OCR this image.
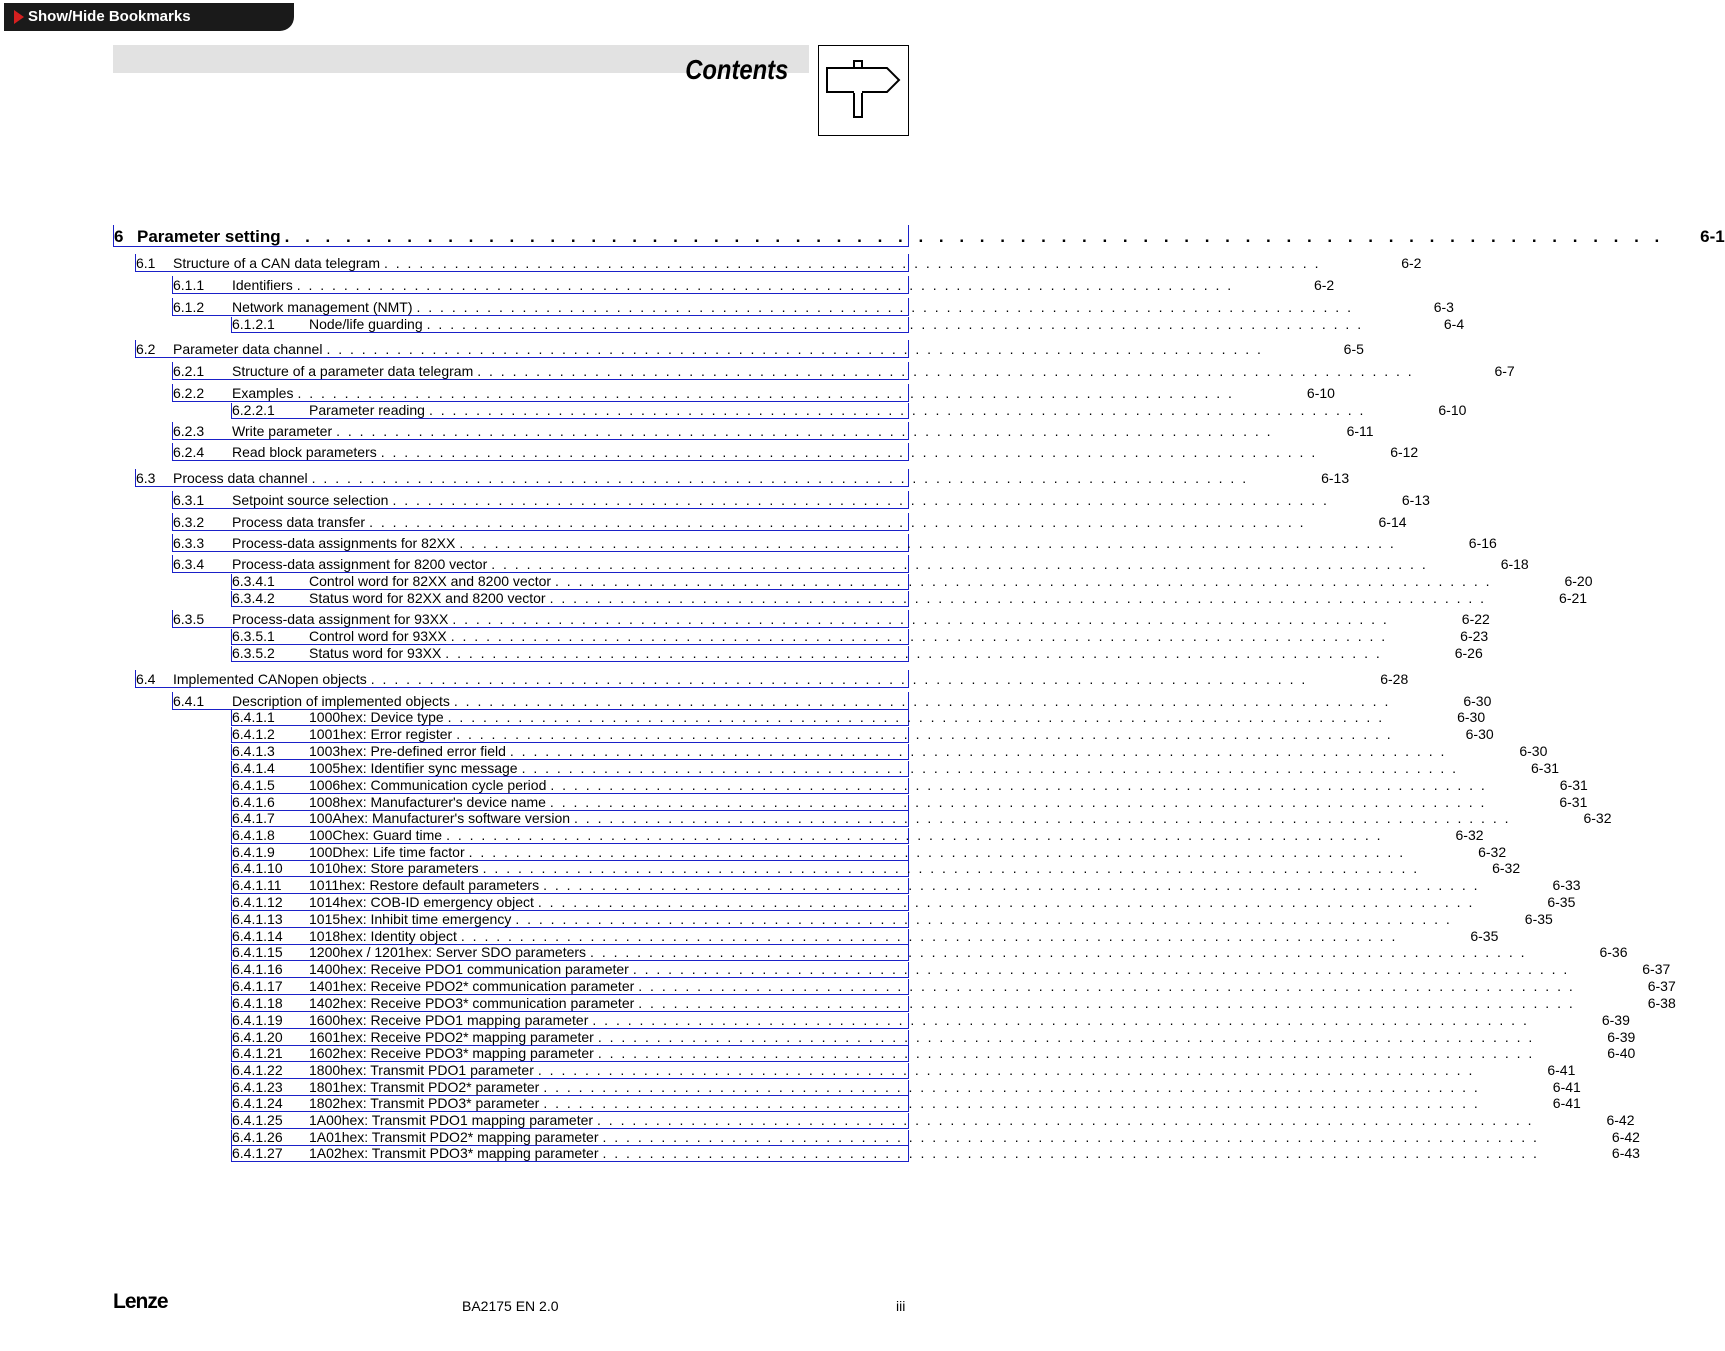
Show/Hide Bookmarks
Contents
6 Parameter setting . . . . . . . . . . . . . . . . . . . . . . . . . . . . . . . . . . . . . . . . . . . . . . . . . . . . . . . . . . . . . . . . . . . .	6-1
6.1	Structure of a CAN data telegram . . . . . . . . . . . . . . . . . . . . . . . . . . . . . . . . . . . . . . . . . . . . . . . . . . . . . . . . . . . . . . . . . . . . . . . . . . . . . . . .	6-2
6.1.1	Identifiers . . . . . . . . . . . . . . . . . . . . . . . . . . . . . . . . . . . . . . . . . . . . . . . . . . . . . . . . . . . . . . . . . . . . . . . . . . . . . . . .	6-2
6.1.2	Network management (NMT) . . . . . . . . . . . . . . . . . . . . . . . . . . . . . . . . . . . . . . . . . . . . . . . . . . . . . . . . . . . . . . . . . . . . . . . . . . . . . . . .	6-3
6.1.2.1	Node/life guarding . . . . . . . . . . . . . . . . . . . . . . . . . . . . . . . . . . . . . . . . . . . . . . . . . . . . . . . . . . . . . . . . . . . . . . . . . . . . . . . .	6-4
6.2	Parameter data channel . . . . . . . . . . . . . . . . . . . . . . . . . . . . . . . . . . . . . . . . . . . . . . . . . . . . . . . . . . . . . . . . . . . . . . . . . . . . . . . .	6-5
6.2.1	Structure of a parameter data telegram . . . . . . . . . . . . . . . . . . . . . . . . . . . . . . . . . . . . . . . . . . . . . . . . . . . . . . . . . . . . . . . . . . . . . . . . . . . . . . . .	6-7
6.2.2	Examples . . . . . . . . . . . . . . . . . . . . . . . . . . . . . . . . . . . . . . . . . . . . . . . . . . . . . . . . . . . . . . . . . . . . . . . . . . . . . . . .	6-10
6.2.2.1	Parameter reading . . . . . . . . . . . . . . . . . . . . . . . . . . . . . . . . . . . . . . . . . . . . . . . . . . . . . . . . . . . . . . . . . . . . . . . . . . . . . . . .	6-10
6.2.3	Write parameter . . . . . . . . . . . . . . . . . . . . . . . . . . . . . . . . . . . . . . . . . . . . . . . . . . . . . . . . . . . . . . . . . . . . . . . . . . . . . . . .	6-11
6.2.4	Read block parameters . . . . . . . . . . . . . . . . . . . . . . . . . . . . . . . . . . . . . . . . . . . . . . . . . . . . . . . . . . . . . . . . . . . . . . . . . . . . . . . .	6-12
6.3	Process data channel . . . . . . . . . . . . . . . . . . . . . . . . . . . . . . . . . . . . . . . . . . . . . . . . . . . . . . . . . . . . . . . . . . . . . . . . . . . . . . . .	6-13
6.3.1	Setpoint source selection . . . . . . . . . . . . . . . . . . . . . . . . . . . . . . . . . . . . . . . . . . . . . . . . . . . . . . . . . . . . . . . . . . . . . . . . . . . . . . . .	6-13
6.3.2	Process data transfer . . . . . . . . . . . . . . . . . . . . . . . . . . . . . . . . . . . . . . . . . . . . . . . . . . . . . . . . . . . . . . . . . . . . . . . . . . . . . . . .	6-14
6.3.3	Process-data assignments for 82XX . . . . . . . . . . . . . . . . . . . . . . . . . . . . . . . . . . . . . . . . . . . . . . . . . . . . . . . . . . . . . . . . . . . . . . . . . . . . . . . .	6-16
6.3.4	Process-data assignment for 8200 vector . . . . . . . . . . . . . . . . . . . . . . . . . . . . . . . . . . . . . . . . . . . . . . . . . . . . . . . . . . . . . . . . . . . . . . . . . . . . . . . .	6-18
6.3.4.1	Control word for 82XX and 8200 vector . . . . . . . . . . . . . . . . . . . . . . . . . . . . . . . . . . . . . . . . . . . . . . . . . . . . . . . . . . . . . . . . . . . . . . . . . . . . . . . .	6-20
6.3.4.2	Status word for 82XX and 8200 vector . . . . . . . . . . . . . . . . . . . . . . . . . . . . . . . . . . . . . . . . . . . . . . . . . . . . . . . . . . . . . . . . . . . . . . . . . . . . . . . .	6-21
6.3.5	Process-data assignment for 93XX . . . . . . . . . . . . . . . . . . . . . . . . . . . . . . . . . . . . . . . . . . . . . . . . . . . . . . . . . . . . . . . . . . . . . . . . . . . . . . . .	6-22
6.3.5.1	Control word for 93XX . . . . . . . . . . . . . . . . . . . . . . . . . . . . . . . . . . . . . . . . . . . . . . . . . . . . . . . . . . . . . . . . . . . . . . . . . . . . . . . .	6-23
6.3.5.2	Status word for 93XX . . . . . . . . . . . . . . . . . . . . . . . . . . . . . . . . . . . . . . . . . . . . . . . . . . . . . . . . . . . . . . . . . . . . . . . . . . . . . . . .	6-26
6.4	Implemented CANopen objects . . . . . . . . . . . . . . . . . . . . . . . . . . . . . . . . . . . . . . . . . . . . . . . . . . . . . . . . . . . . . . . . . . . . . . . . . . . . . . . .	6-28
6.4.1	Description of implemented objects . . . . . . . . . . . . . . . . . . . . . . . . . . . . . . . . . . . . . . . . . . . . . . . . . . . . . . . . . . . . . . . . . . . . . . . . . . . . . . . .	6-30
6.4.1.1	1000hex: Device type . . . . . . . . . . . . . . . . . . . . . . . . . . . . . . . . . . . . . . . . . . . . . . . . . . . . . . . . . . . . . . . . . . . . . . . . . . . . . . . .	6-30
6.4.1.2	1001hex: Error register . . . . . . . . . . . . . . . . . . . . . . . . . . . . . . . . . . . . . . . . . . . . . . . . . . . . . . . . . . . . . . . . . . . . . . . . . . . . . . . .	6-30
6.4.1.3	1003hex: Pre-defined error field . . . . . . . . . . . . . . . . . . . . . . . . . . . . . . . . . . . . . . . . . . . . . . . . . . . . . . . . . . . . . . . . . . . . . . . . . . . . . . . .	6-30
6.4.1.4	1005hex: Identifier sync message . . . . . . . . . . . . . . . . . . . . . . . . . . . . . . . . . . . . . . . . . . . . . . . . . . . . . . . . . . . . . . . . . . . . . . . . . . . . . . . .	6-31
6.4.1.5	1006hex: Communication cycle period . . . . . . . . . . . . . . . . . . . . . . . . . . . . . . . . . . . . . . . . . . . . . . . . . . . . . . . . . . . . . . . . . . . . . . . . . . . . . . . .	6-31
6.4.1.6	1008hex: Manufacturer's device name . . . . . . . . . . . . . . . . . . . . . . . . . . . . . . . . . . . . . . . . . . . . . . . . . . . . . . . . . . . . . . . . . . . . . . . . . . . . . . . .	6-31
6.4.1.7	100Ahex: Manufacturer's software version . . . . . . . . . . . . . . . . . . . . . . . . . . . . . . . . . . . . . . . . . . . . . . . . . . . . . . . . . . . . . . . . . . . . . . . . . . . . . . . .	6-32
6.4.1.8	100Chex: Guard time . . . . . . . . . . . . . . . . . . . . . . . . . . . . . . . . . . . . . . . . . . . . . . . . . . . . . . . . . . . . . . . . . . . . . . . . . . . . . . . .	6-32
6.4.1.9	100Dhex: Life time factor . . . . . . . . . . . . . . . . . . . . . . . . . . . . . . . . . . . . . . . . . . . . . . . . . . . . . . . . . . . . . . . . . . . . . . . . . . . . . . . .	6-32
6.4.1.10	1010hex: Store parameters . . . . . . . . . . . . . . . . . . . . . . . . . . . . . . . . . . . . . . . . . . . . . . . . . . . . . . . . . . . . . . . . . . . . . . . . . . . . . . . .	6-32
6.4.1.11	1011hex: Restore default parameters . . . . . . . . . . . . . . . . . . . . . . . . . . . . . . . . . . . . . . . . . . . . . . . . . . . . . . . . . . . . . . . . . . . . . . . . . . . . . . . .	6-33
6.4.1.12	1014hex: COB-ID emergency object . . . . . . . . . . . . . . . . . . . . . . . . . . . . . . . . . . . . . . . . . . . . . . . . . . . . . . . . . . . . . . . . . . . . . . . . . . . . . . . .	6-35
6.4.1.13	1015hex: Inhibit time emergency . . . . . . . . . . . . . . . . . . . . . . . . . . . . . . . . . . . . . . . . . . . . . . . . . . . . . . . . . . . . . . . . . . . . . . . . . . . . . . . .	6-35
6.4.1.14	1018hex: Identity object . . . . . . . . . . . . . . . . . . . . . . . . . . . . . . . . . . . . . . . . . . . . . . . . . . . . . . . . . . . . . . . . . . . . . . . . . . . . . . . .	6-35
6.4.1.15	1200hex / 1201hex: Server SDO parameters . . . . . . . . . . . . . . . . . . . . . . . . . . . . . . . . . . . . . . . . . . . . . . . . . . . . . . . . . . . . . . . . . . . . . . . . . . . . . . . .	6-36
6.4.1.16	1400hex: Receive PDO1 communication parameter . . . . . . . . . . . . . . . . . . . . . . . . . . . . . . . . . . . . . . . . . . . . . . . . . . . . . . . . . . . . . . . . . . . . . . . . . . . . . . . .	6-37
6.4.1.17	1401hex: Receive PDO2* communication parameter . . . . . . . . . . . . . . . . . . . . . . . . . . . . . . . . . . . . . . . . . . . . . . . . . . . . . . . . . . . . . . . . . . . . . . . . . . . . . . . .	6-37
6.4.1.18	1402hex: Receive PDO3* communication parameter . . . . . . . . . . . . . . . . . . . . . . . . . . . . . . . . . . . . . . . . . . . . . . . . . . . . . . . . . . . . . . . . . . . . . . . . . . . . . . . .	6-38
6.4.1.19	1600hex: Receive PDO1 mapping parameter . . . . . . . . . . . . . . . . . . . . . . . . . . . . . . . . . . . . . . . . . . . . . . . . . . . . . . . . . . . . . . . . . . . . . . . . . . . . . . . .	6-39
6.4.1.20	1601hex: Receive PDO2* mapping parameter . . . . . . . . . . . . . . . . . . . . . . . . . . . . . . . . . . . . . . . . . . . . . . . . . . . . . . . . . . . . . . . . . . . . . . . . . . . . . . . .	6-39
6.4.1.21	1602hex: Receive PDO3* mapping parameter . . . . . . . . . . . . . . . . . . . . . . . . . . . . . . . . . . . . . . . . . . . . . . . . . . . . . . . . . . . . . . . . . . . . . . . . . . . . . . . .	6-40
6.4.1.22	1800hex: Transmit PDO1 parameter . . . . . . . . . . . . . . . . . . . . . . . . . . . . . . . . . . . . . . . . . . . . . . . . . . . . . . . . . . . . . . . . . . . . . . . . . . . . . . . .	6-41
6.4.1.23	1801hex: Transmit PDO2* parameter . . . . . . . . . . . . . . . . . . . . . . . . . . . . . . . . . . . . . . . . . . . . . . . . . . . . . . . . . . . . . . . . . . . . . . . . . . . . . . . .	6-41
6.4.1.24	1802hex: Transmit PDO3* parameter . . . . . . . . . . . . . . . . . . . . . . . . . . . . . . . . . . . . . . . . . . . . . . . . . . . . . . . . . . . . . . . . . . . . . . . . . . . . . . . .	6-41
6.4.1.25	1A00hex: Transmit PDO1 mapping parameter . . . . . . . . . . . . . . . . . . . . . . . . . . . . . . . . . . . . . . . . . . . . . . . . . . . . . . . . . . . . . . . . . . . . . . . . . . . . . . . .	6-42
6.4.1.26	1A01hex: Transmit PDO2* mapping parameter . . . . . . . . . . . . . . . . . . . . . . . . . . . . . . . . . . . . . . . . . . . . . . . . . . . . . . . . . . . . . . . . . . . . . . . . . . . . . . . .	6-42
6.4.1.27	1A02hex: Transmit PDO3* mapping parameter . . . . . . . . . . . . . . . . . . . . . . . . . . . . . . . . . . . . . . . . . . . . . . . . . . . . . . . . . . . . . . . . . . . . . . . . . . . . . . . .	6-43
Lenze	BA2175 EN 2.0	iii
